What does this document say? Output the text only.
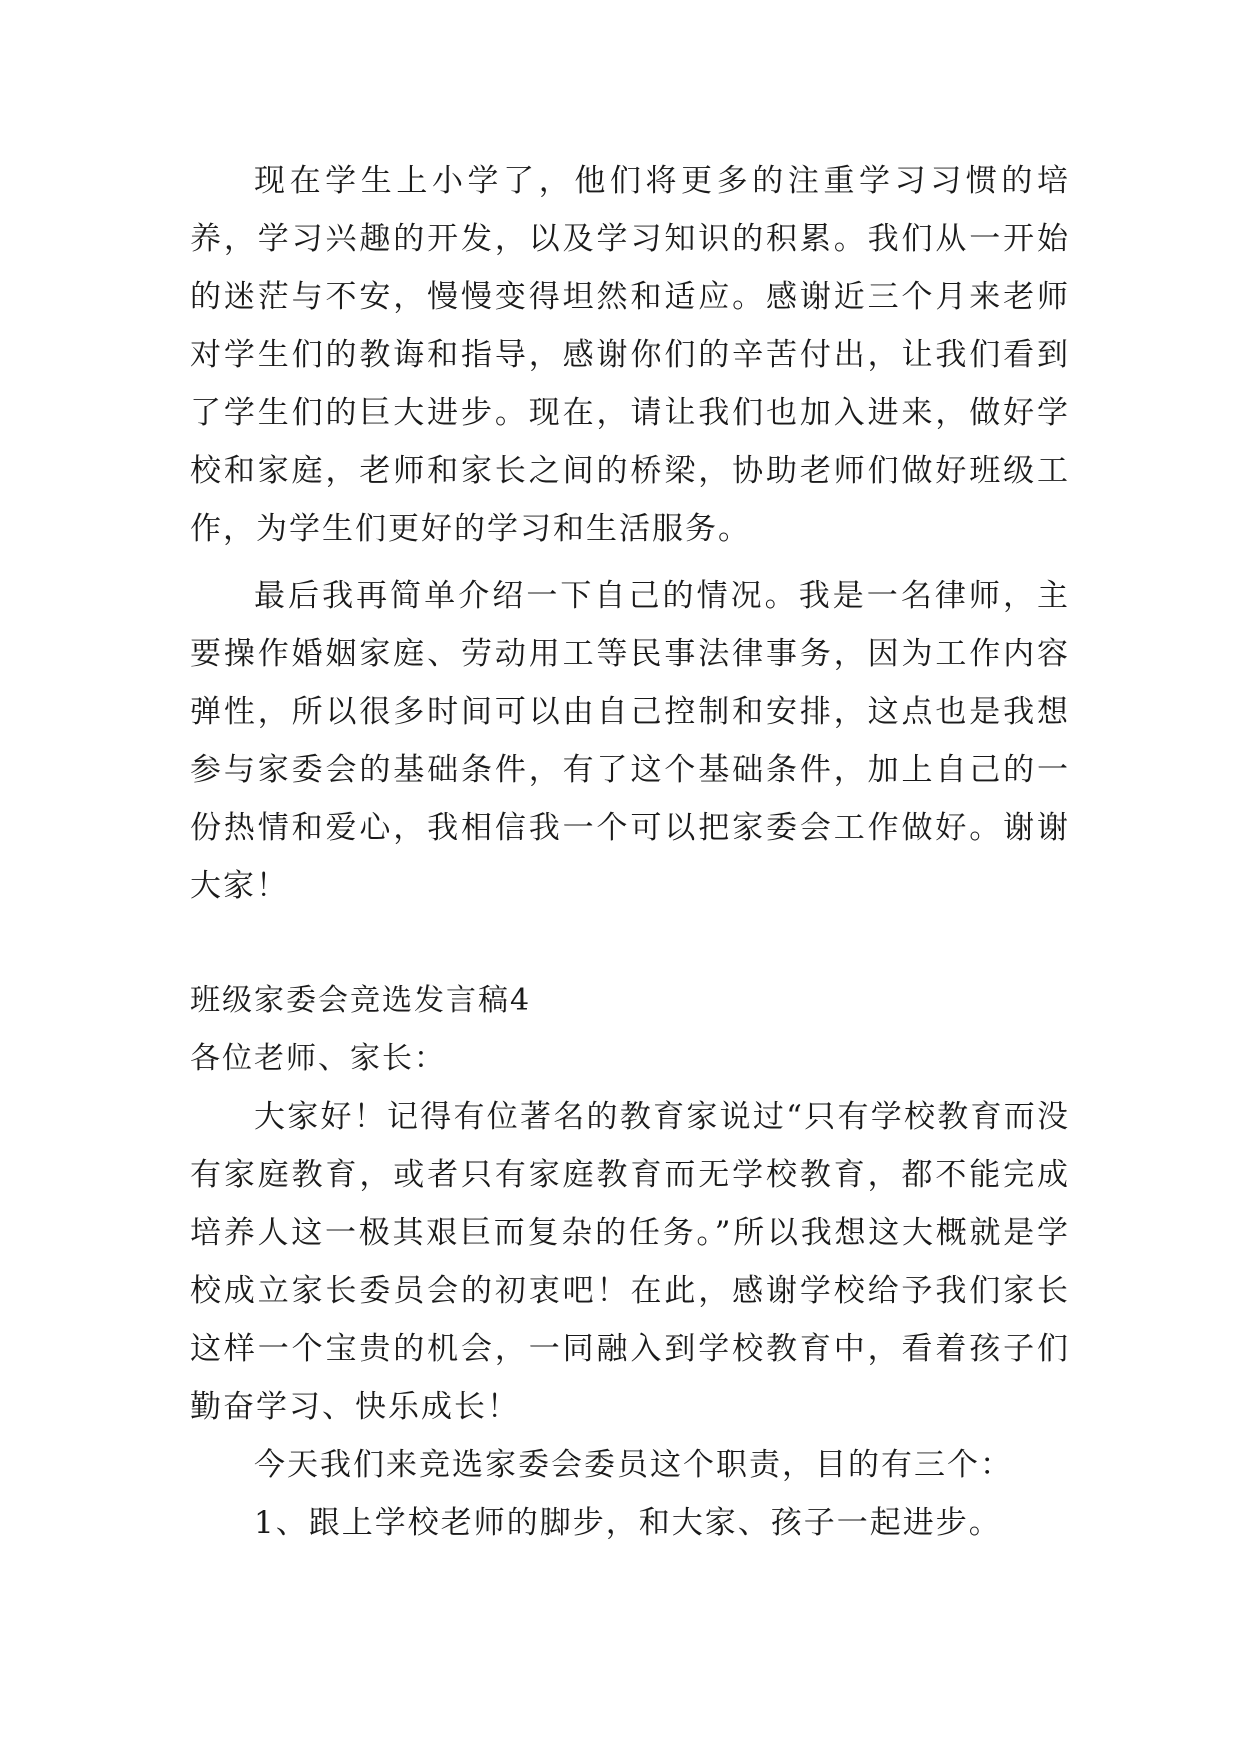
现在学生上小学了，他们将更多的注重学习习惯的培养，学习兴趣的开发，以及学习知识的积累。我们从一开始的迷茫与不安，慢慢变得坦然和适应。感谢近三个月来老师对学生们的教诲和指导，感谢你们的辛苦付出，让我们看到了学生们的巨大进步。现在，请让我们也加入进来，做好学校和家庭，老师和家长之间的桥梁，协助老师们做好班级工作，为学生们更好的学习和生活服务。

最后我再简单介绍一下自己的情况。我是一名律师，主要操作婚姻家庭、劳动用工等民事法律事务，因为工作内容弹性，所以很多时间可以由自己控制和安排，这点也是我想参与家委会的基础条件，有了这个基础条件，加上自己的一份热情和爱心，我相信我一个可以把家委会工作做好。谢谢大家！

班级家委会竞选发言稿4

各位老师、家长：

大家好！记得有位著名的教育家说过“只有学校教育而没有家庭教育，或者只有家庭教育而无学校教育，都不能完成培养人这一极其艰巨而复杂的任务。”所以我想这大概就是学校成立家长委员会的初衷吧！在此，感谢学校给予我们家长这样一个宝贵的机会，一同融入到学校教育中，看着孩子们勤奋学习、快乐成长！

今天我们来竞选家委会委员这个职责，目的有三个：

1、跟上学校老师的脚步，和大家、孩子一起进步。
